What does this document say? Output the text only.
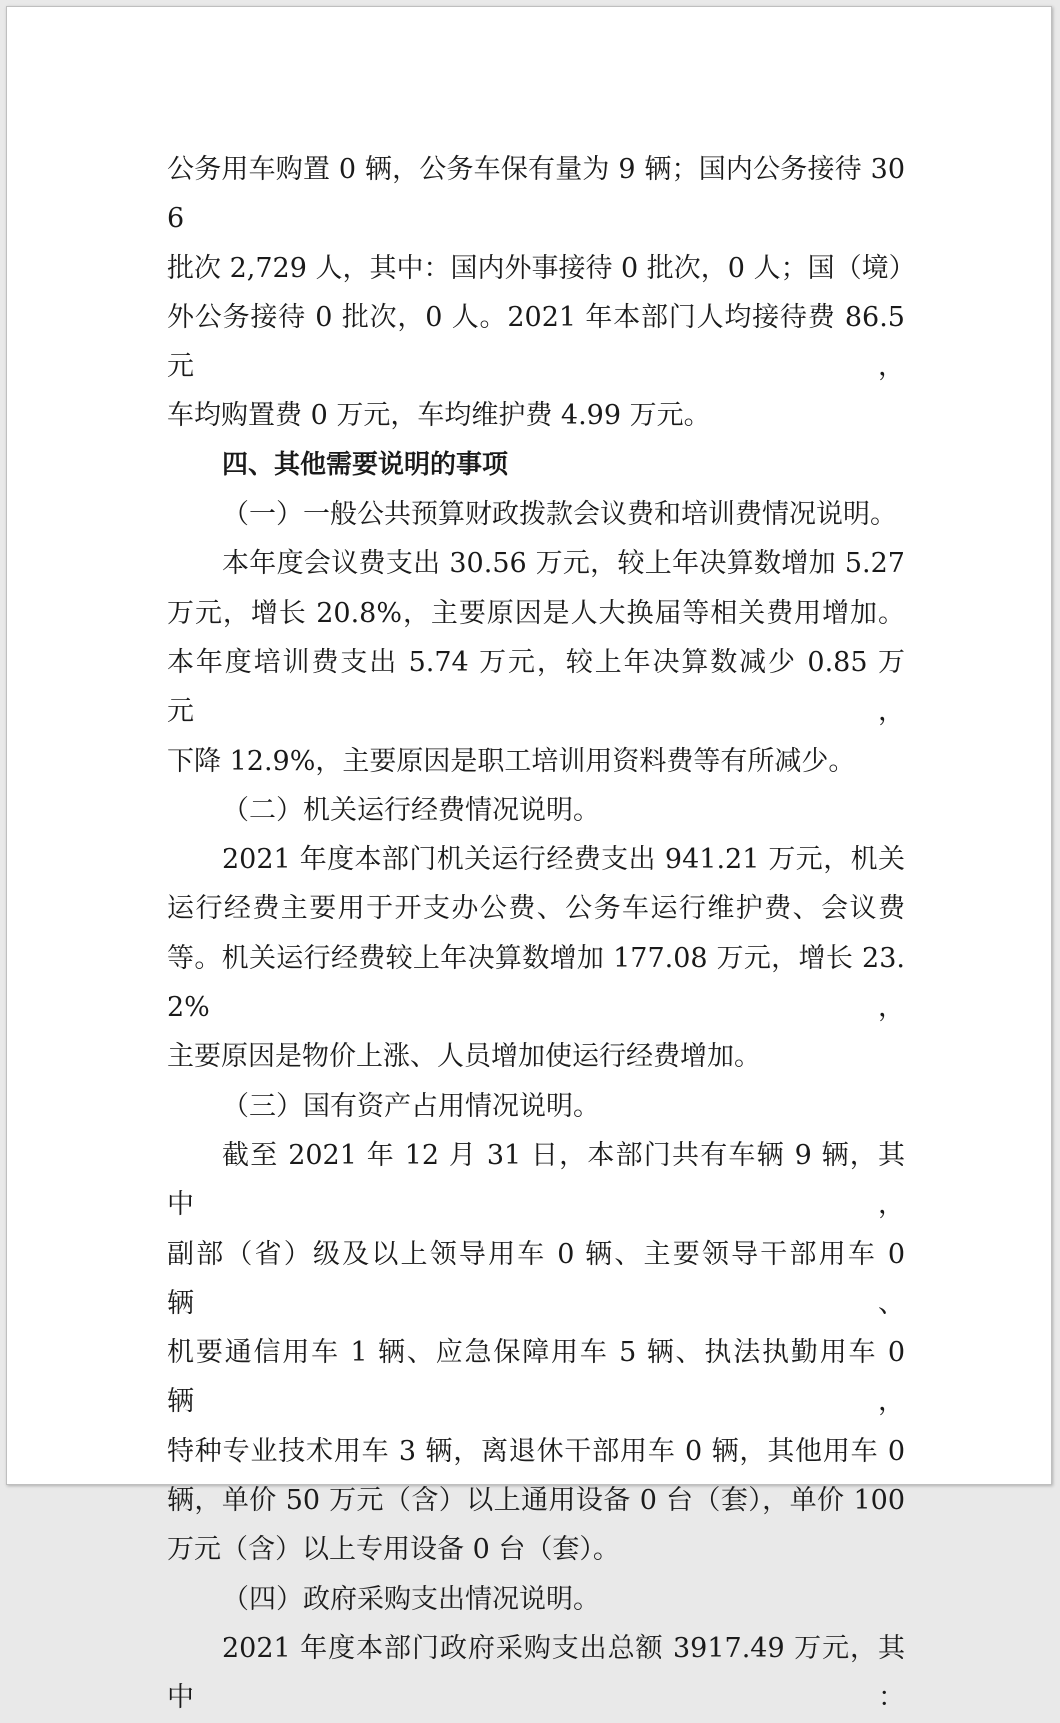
公务用车购置 0 辆，公务车保有量为 9 辆；国内公务接待 306

批次 2,729 人，其中：国内外事接待 0 批次，0 人；国（境）

外公务接待 0 批次，0 人。2021 年本部门人均接待费 86.5 元，

车均购置费 0 万元，车均维护费 4.99 万元。

四、其他需要说明的事项

（一）一般公共预算财政拨款会议费和培训费情况说明。

本年度会议费支出 30.56 万元，较上年决算数增加 5.27

万元，增长 20.8%，主要原因是人大换届等相关费用增加。

本年度培训费支出 5.74 万元，较上年决算数减少 0.85 万元，

下降 12.9%，主要原因是职工培训用资料费等有所减少。

（二）机关运行经费情况说明。

2021 年度本部门机关运行经费支出 941.21 万元，机关

运行经费主要用于开支办公费、公务车运行维护费、会议费

等。机关运行经费较上年决算数增加 177.08 万元，增长 23.2%，

主要原因是物价上涨、人员增加使运行经费增加。

（三）国有资产占用情况说明。

截至 2021 年 12 月 31 日，本部门共有车辆 9 辆，其中，

副部（省）级及以上领导用车 0 辆、主要领导干部用车 0 辆、

机要通信用车 1 辆、应急保障用车 5 辆、执法执勤用车 0 辆，

特种专业技术用车 3 辆，离退休干部用车 0 辆，其他用车 0

辆，单价 50 万元（含）以上通用设备 0 台（套），单价 100

万元（含）以上专用设备 0 台（套）。

（四）政府采购支出情况说明。

2021 年度本部门政府采购支出总额 3917.49 万元，其中：
